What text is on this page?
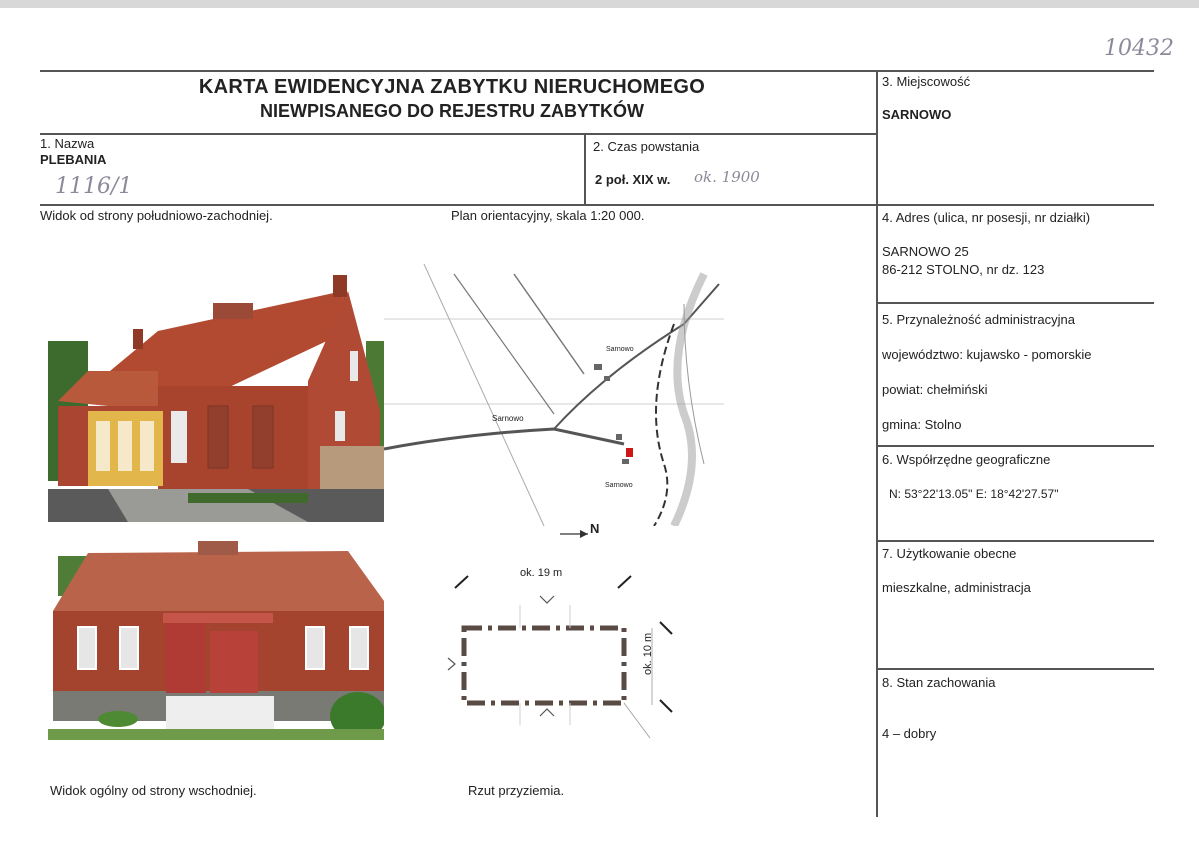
10432
KARTA EWIDENCYJNA ZABYTKU NIERUCHOMEGO
NIEWPISANEGO DO REJESTRU ZABYTKÓW
1. Nazwa
PLEBANIA
1116/1
2. Czas powstania
2 poł. XIX w. ok. 1900
3. Miejscowość
SARNOWO
4. Adres (ulica, nr posesji, nr działki)
SARNOWO 25
86-212 STOLNO, nr dz. 123
5. Przynależność administracyjna
województwo: kujawsko - pomorskie
powiat: chełmiński
gmina: Stolno
6. Współrzędne geograficzne
N: 53°22'13.05" E: 18°42'27.57"
7. Użytkowanie obecne
mieszkalne, administracja
8. Stan zachowania
4 – dobry
Widok od strony południowo-zachodniej.	Plan orientacyjny, skala 1:20 000.
Widok ogólny od strony wschodniej.	Rzut przyziemia.
Sarnowo
Sarnowo
Sarnowo
N
ok. 19 m
ok. 10 m
